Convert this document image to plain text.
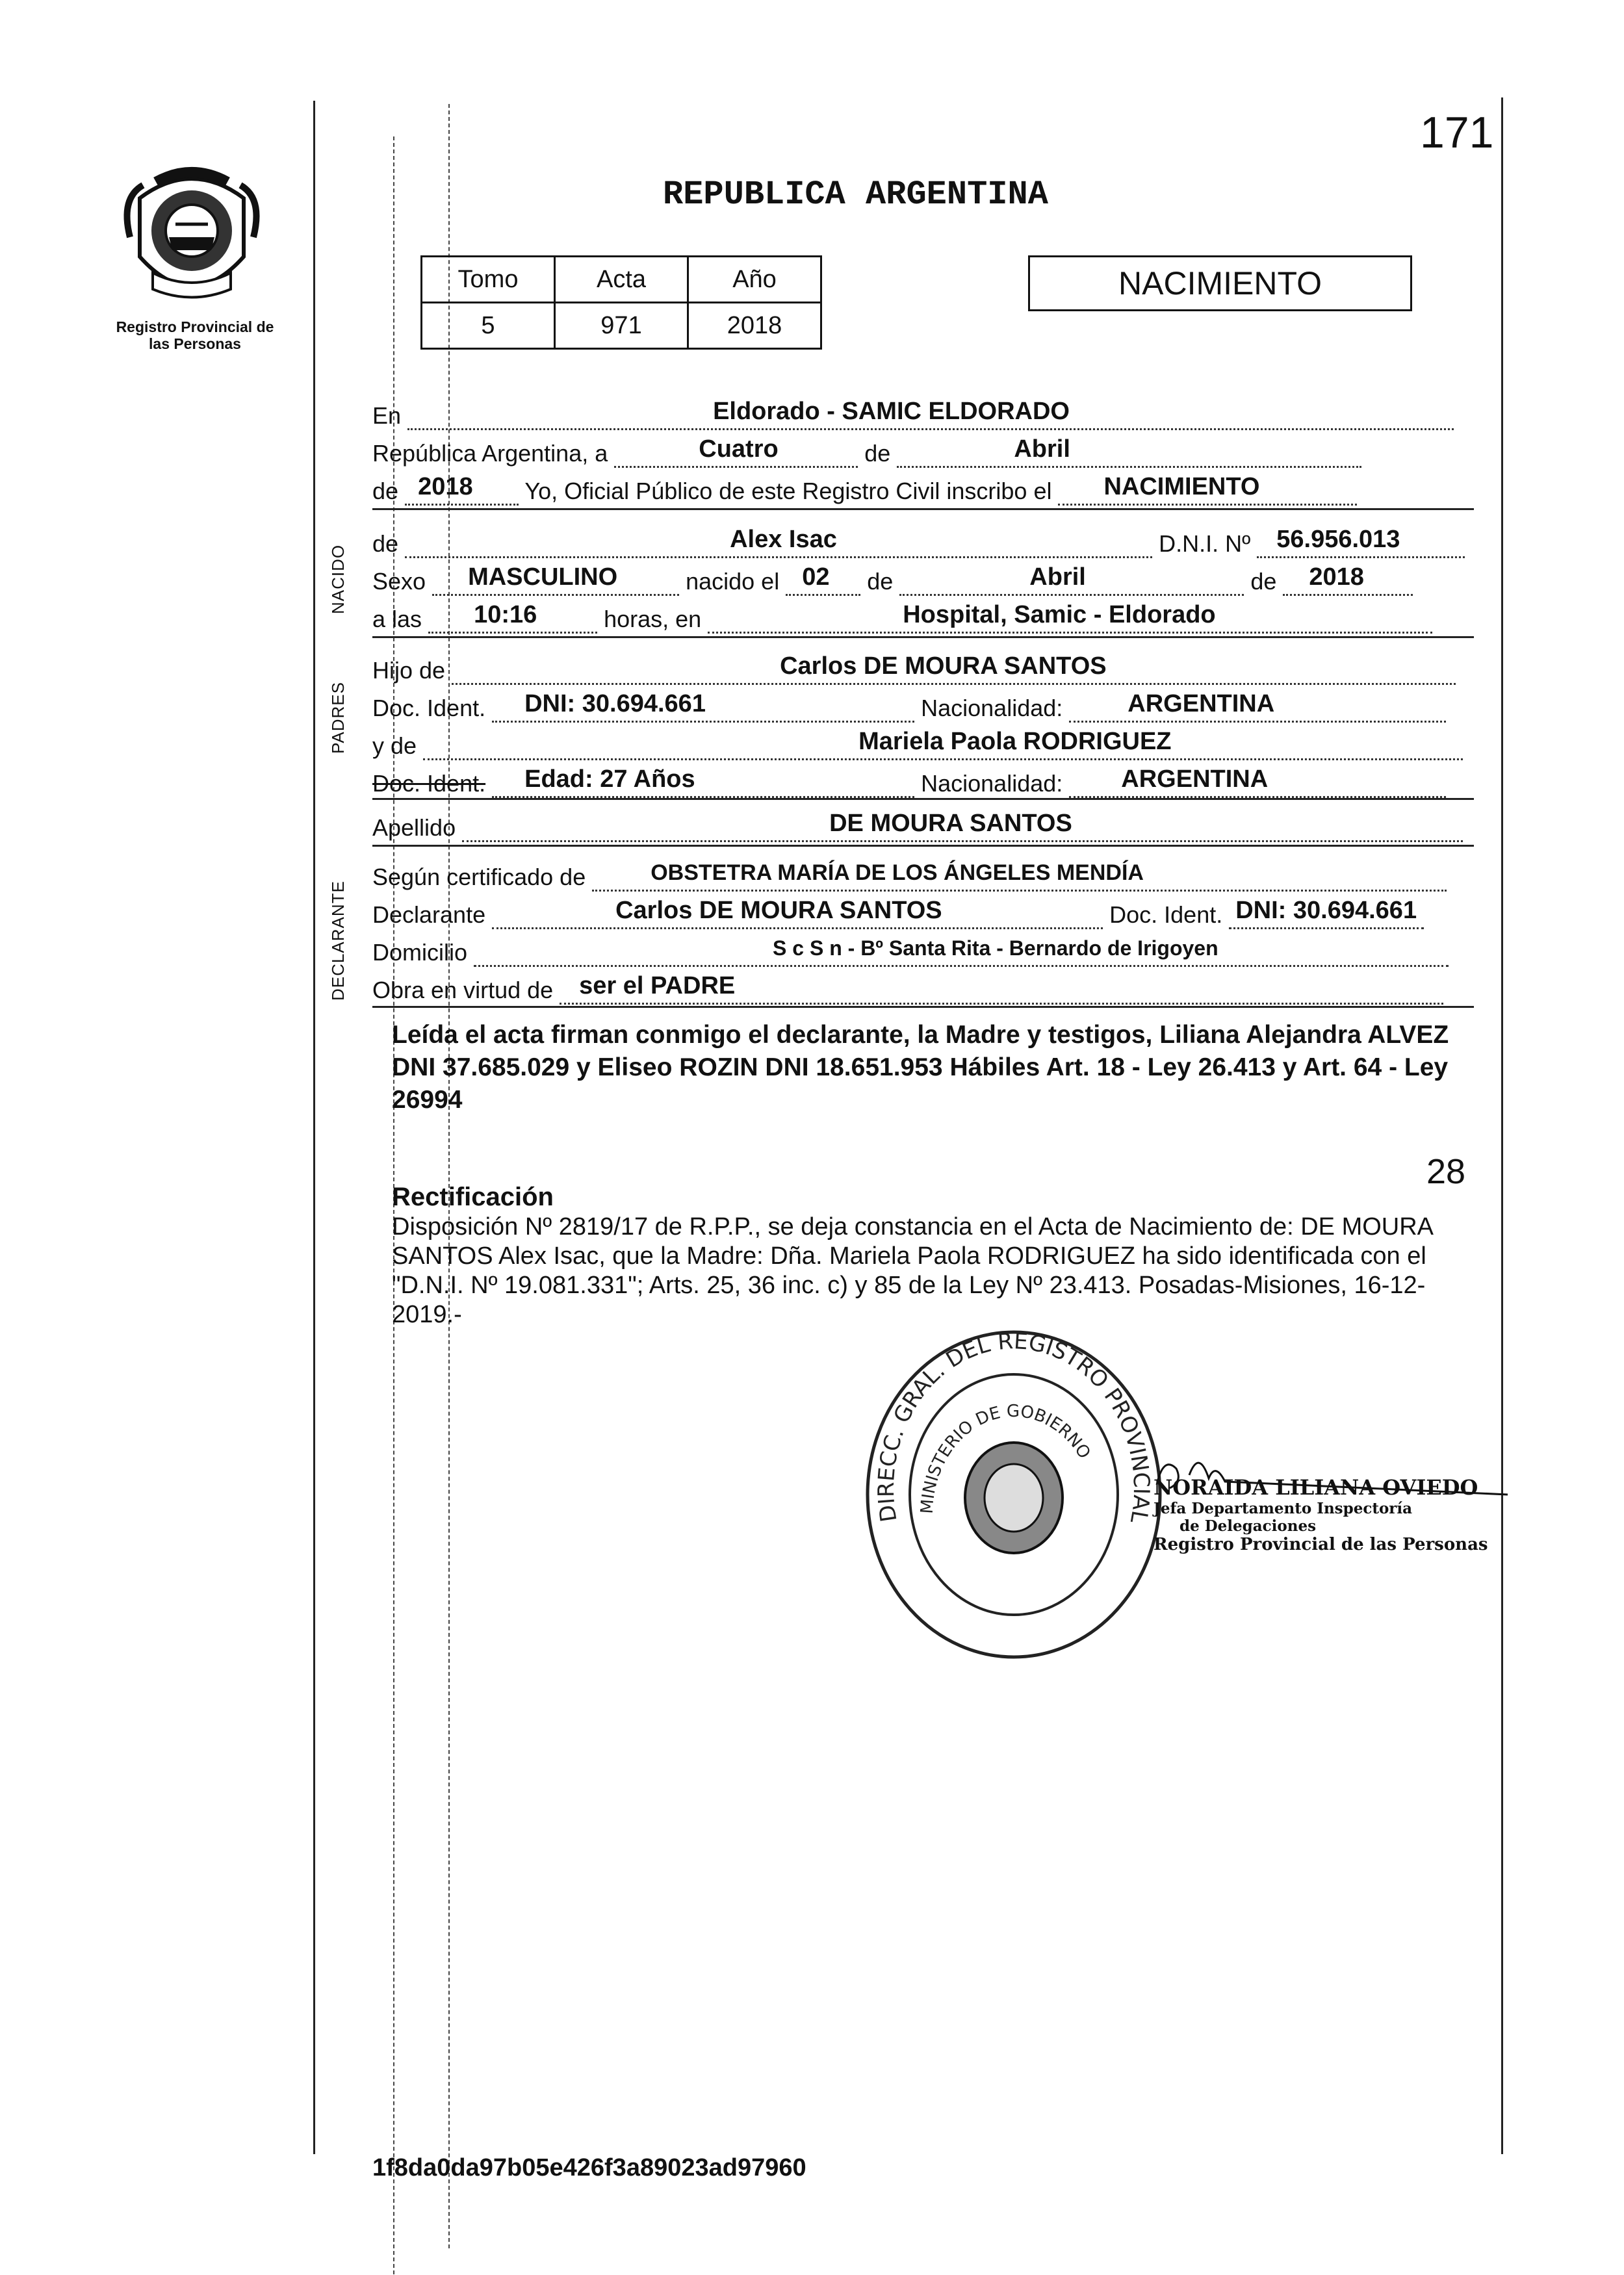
Registro Provincial de las Personas
171
REPUBLICA ARGENTINA
Tomo	Acta	Año
5	971	2018
NACIMIENTO
En	Eldorado - SAMIC ELDORADO
República Argentina, a	Cuatro	de	Abril
de 2018 Yo, Oficial Público de este Registro Civil inscribo el NACIMIENTO
NACIDO
de	Alex Isac	D.N.I. Nº 56.956.013
Sexo MASCULINO	nacido el 02 de	Abril	de 2018
a las 10:16	horas, en	Hospital, Samic - Eldorado
PADRES
Hijo de	Carlos DE MOURA SANTOS
Doc. Ident. DNI: 30.694.661	Nacionalidad:	ARGENTINA
y de	Mariela Paola RODRIGUEZ
Doc. Ident. Edad: 27 Años	Nacionalidad: ARGENTINA
Apellido	DE MOURA SANTOS
DECLARANTE
Según certificado de	OBSTETRA MARÍA DE LOS ÁNGELES MENDÍA
Declarante	Carlos DE MOURA SANTOS	Doc. Ident. DNI: 30.694.661
Domicilio	S c S n - Bº Santa Rita - Bernardo de Irigoyen
Obra en virtud de ser el PADRE
Leída el acta firman conmigo el declarante, la Madre y testigos, Liliana Alejandra ALVEZ DNI 37.685.029 y Eliseo ROZIN DNI 18.651.953 Hábiles Art. 18 - Ley 26.413 y Art. 64 - Ley 26994
28
Rectificación
Disposición Nº 2819/17 de R.P.P., se deja constancia en el Acta de Nacimiento de: DE MOURA SANTOS Alex Isac, que la Madre: Dña. Mariela Paola RODRIGUEZ ha sido identificada con el "D.N.I. Nº 19.081.331"; Arts. 25, 36 inc. c) y 85 de la Ley Nº 23.413. Posadas-Misiones, 16-12-2019.-
DIRECC. GRAL. DEL REGISTRO PROVINCIAL
MINISTERIO DE GOBIERNO
NORAIDA LILIANA OVIEDO
Jefa Departamento Inspectoría
de Delegaciones
Registro Provincial de las Personas
1f8da0da97b05e426f3a89023ad97960
